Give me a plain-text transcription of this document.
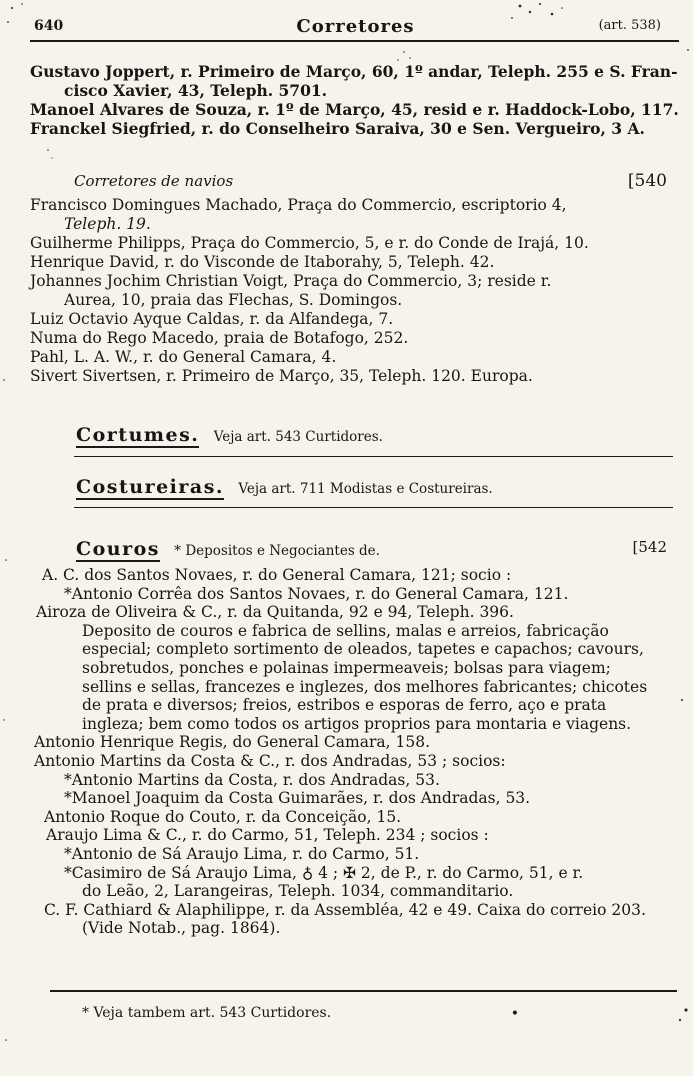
640	Corretores	(art. 538)

Gustavo Joppert, r. Primeiro de Março, 60, 1º andar, Teleph. 255 e S. Fran-

cisco Xavier, 43, Teleph. 5701.

Manoel Alvares de Souza, r. 1º de Março, 45, resid e r. Haddock-Lobo, 117.

Franckel Siegfried, r. do Conselheiro Saraiva, 30 e Sen. Vergueiro, 3 A.

Corretores de navios	[540

Francisco Domingues Machado, Praça do Commercio, escriptorio 4,

Teleph. 19.

Guilherme Philipps, Praça do Commercio, 5, e r. do Conde de Irajá, 10.

Henrique David, r. do Visconde de Itaborahy, 5, Teleph. 42.

Johannes Jochim Christian Voigt, Praça do Commercio, 3; reside r.

Aurea, 10, praia das Flechas, S. Domingos.

Luiz Octavio Ayque Caldas, r. da Alfandega, 7.

Numa do Rego Macedo, praia de Botafogo, 252.

Pahl, L. A. W., r. do General Camara, 4.

Sivert Sivertsen, r. Primeiro de Março, 35, Teleph. 120. Europa.

Cortumes. Veja art. 543 Curtidores.
Costureiras. Veja art. 711 Modistas e Costureiras.
Couros * Depositos e Negociantes de.	[542

A. C. dos Santos Novaes, r. do General Camara, 121; socio :

*Antonio Corrêa dos Santos Novaes, r. do General Camara, 121.

Airoza de Oliveira & C., r. da Quitanda, 92 e 94, Teleph. 396.

Deposito de couros e fabrica de sellins, malas e arreios, fabricação

especial; completo sortimento de oleados, tapetes e capachos; cavours,

sobretudos, ponches e polainas impermeaveis; bolsas para viagem;

sellins e sellas, francezes e inglezes, dos melhores fabricantes; chicotes

de prata e diversos; freios, estribos e esporas de ferro, aço e prata

ingleza; bem como todos os artigos proprios para montaria e viagens.

Antonio Henrique Regis, do General Camara, 158.

Antonio Martins da Costa & C., r. dos Andradas, 53 ; socios:

*Antonio Martins da Costa, r. dos Andradas, 53.

*Manoel Joaquim da Costa Guimarães, r. dos Andradas, 53.

Antonio Roque do Couto, r. da Conceição, 15.

Araujo Lima & C., r. do Carmo, 51, Teleph. 234 ; socios :

*Antonio de Sá Araujo Lima, r. do Carmo, 51.

*Casimiro de Sá Araujo Lima, ♁ 4 ; ✠ 2, de P., r. do Carmo, 51, e r.

do Leão, 2, Larangeiras, Teleph. 1034, commanditario.

C. F. Cathiard & Alaphilippe, r. da Assembléa, 42 e 49. Caixa do correio 203.

(Vide Notab., pag. 1864).

* Veja tambem art. 543 Curtidores.	•
